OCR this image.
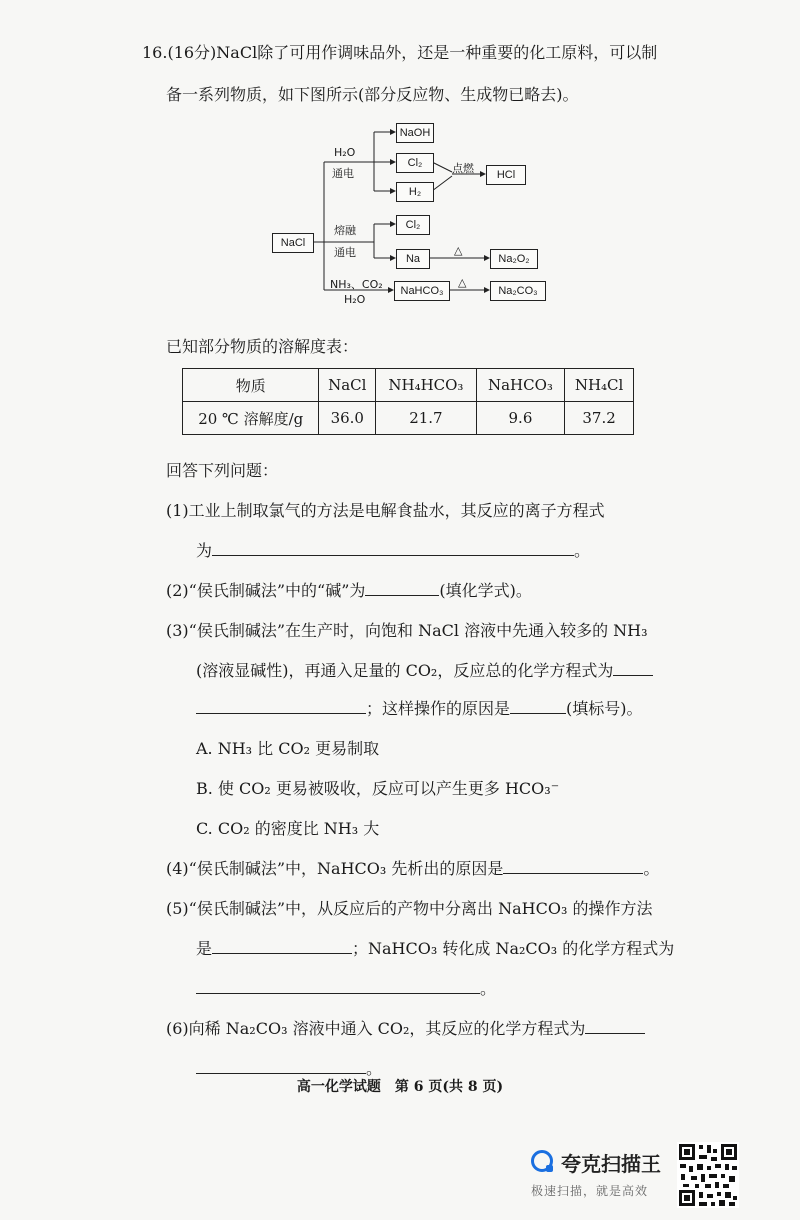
16.(16分)NaCl除了可用作调味品外，还是一种重要的化工原料，可以制
备一系列物质，如下图所示(部分反应物、生成物已略去)。
NaCl
H₂O
通电
NaOH
Cl₂
H₂
点燃	HCl
熔融
通电
Cl₂
Na
△
Na₂O₂
NH₃、CO₂
H₂O
NaHCO₃
△
Na₂CO₃
已知部分物质的溶解度表：
物质	NaCl	NH₄HCO₃	NaHCO₃	NH₄Cl
20 ℃ 溶解度/g	36.0	21.7	9.6	37.2
回答下列问题：
(1)工业上制取氯气的方法是电解食盐水，其反应的离子方程式
为	。
(2)“侯氏制碱法”中的“碱”为	(填化学式)。
(3)“侯氏制碱法”在生产时，向饱和 NaCl 溶液中先通入较多的 NH₃
(溶液显碱性)，再通入足量的 CO₂，反应总的化学方程式为
；这样操作的原因是	(填标号)。
A. NH₃ 比 CO₂ 更易制取
B. 使 CO₂ 更易被吸收，反应可以产生更多 HCO₃⁻
C. CO₂ 的密度比 NH₃ 大
(4)“侯氏制碱法”中，NaHCO₃ 先析出的原因是	。
(5)“侯氏制碱法”中，从反应后的产物中分离出 NaHCO₃ 的操作方法
是	；NaHCO₃ 转化成 Na₂CO₃ 的化学方程式为
。
(6)向稀 Na₂CO₃ 溶液中通入 CO₂，其反应的化学方程式为
。
高一化学试题　第 6 页(共 8 页)
夸克扫描王
极速扫描，就是高效
